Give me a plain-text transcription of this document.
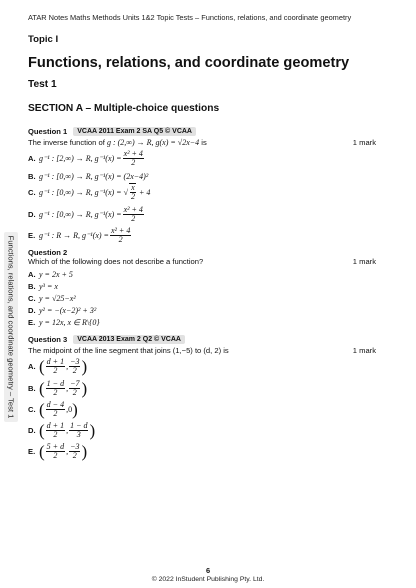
ATAR Notes Maths Methods Units 1&2 Topic Tests – Functions, relations, and coordinate geometry
Topic I
Functions, relations, and coordinate geometry
Test 1
SECTION A – Multiple-choice questions
Functions, relations, and coordinate geometry – Test 1
Question 1	VCAA 2011 Exam 2 SA Q5 © VCAA
The inverse function of g : (2,∞) → R, g(x) = √2x−4 is	1 mark
A. g⁻¹ : [2,∞) → R, $g^{-1}(x) = \frac{\text{x² + 4}}{2}$
B. g⁻¹ : [0,∞) → R, g⁻¹(x) = (2x−4)²
C. g⁻¹ : [0,∞) → R, g⁻¹(x) = √ $\frac{x}{2} + 4$
D. g⁻¹ : [0,∞) → R, $g^{-1}(x) = \frac{\text{x² + 4}}{2}$
E. g⁻¹ : R → R, $g^{-1}(x) = \frac{\text{x² + 4}}{2}$
Question 2
Which of the following does not describe a function?	1 mark
A. y = 2x + 5
B. y³ = x
C. y = √25−x²
D. y² = −(x−2)² + 3²
E. y = 12x, x ∈ R\{0}
Question 3	VCAA 2013 Exam 2 Q2 © VCAA
The midpoint of the line segment that joins (1,−5) to (d, 2) is	1 mark
A. ( $\frac{d + 1}{2}$ , $\frac{-3}{2}$ )
B. ( $\frac{1 - d}{2}$ , $\frac{-7}{2}$ )
C. ( $\frac{d - 4}{2}$ , 0 )
D. ( $\frac{d + 1}{2}$ , $\frac{1 - d}{3}$ )
E. ( $\frac{5 + d}{2}$ , $\frac{-3}{2}$ )
6
© 2022 InStudent Publishing Pty. Ltd.
